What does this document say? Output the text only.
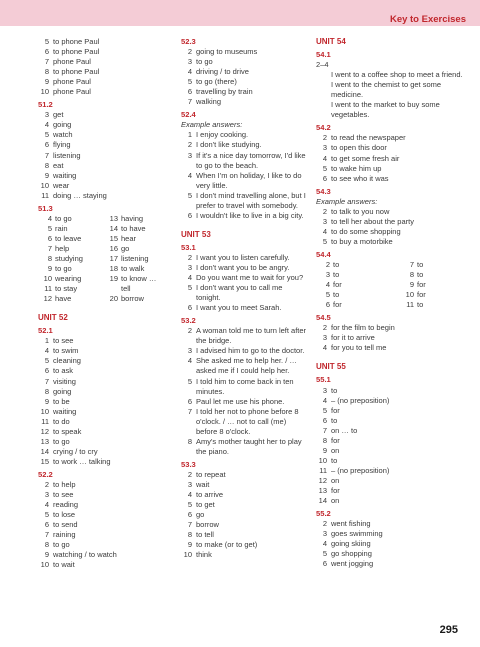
Key to Exercises
5 to phone Paul
6 to phone Paul
7 phone Paul
8 to phone Paul
9 phone Paul
10 phone Paul
51.2
3 get
4 going
5 watch
6 flying
7 listening
8 eat
9 waiting
10 wear
11 doing … staying
51.3
4 to go	13 having
5 rain	14 to have
6 to leave	15 hear
7 help	16 go
8 studying	17 listening
9 to go	18 to walk
10 wearing	19 to know …
11 to stay	tell
12 have	20 borrow
UNIT 52
52.1
1 to see
4 to swim
5 cleaning
6 to ask
7 visiting
8 going
9 to be
10 waiting
11 to do
12 to speak
13 to go
14 crying / to cry
15 to work … talking
52.2
2 to help
3 to see
4 reading
5 to lose
6 to send
7 raining
8 to go
9 watching / to watch
10 to wait
52.3
2 going to museums
3 to go
4 driving / to drive
5 to go (there)
6 travelling by train
7 walking
52.4
Example answers:
1 I enjoy cooking.
2 I don't like studying.
3 If it's a nice day tomorrow, I'd like to go to the beach.
4 When I'm on holiday, I like to do very little.
5 I don't mind travelling alone, but I prefer to travel with somebody.
6 I wouldn't like to live in a big city.
UNIT 53
53.1
2 I want you to listen carefully.
3 I don't want you to be angry.
4 Do you want me to wait for you?
5 I don't want you to call me tonight.
6 I want you to meet Sarah.
53.2
2 A woman told me to turn left after the bridge.
3 I advised him to go to the doctor.
4 She asked me to help her. / … asked me if I could help her.
5 I told him to come back in ten minutes.
6 Paul let me use his phone.
7 I told her not to phone before 8 o'clock. / … not to call (me) before 8 o'clock.
8 Amy's mother taught her to play the piano.
53.3
2 to repeat
3 wait
4 to arrive
5 to get
6 go
7 borrow
8 to tell
9 to make (or to get)
10 think
UNIT 54
54.1
2–4
I went to a coffee shop to meet a friend.
I went to the chemist to get some medicine.
I went to the market to buy some vegetables.
54.2
2 to read the newspaper
3 to open this door
4 to get some fresh air
5 to wake him up
6 to see who it was
54.3
Example answers:
2 to talk to you now
3 to tell her about the party
4 to do some shopping
5 to buy a motorbike
54.4
2 to	7 to
3 to	8 to
4 for	9 for
5 to	10 for
6 for	11 to
54.5
2 for the film to begin
3 for it to arrive
4 for you to tell me
UNIT 55
55.1
3 to
4 – (no preposition)
5 for
6 to
7 on … to
8 for
9 on
10 to
11 – (no preposition)
12 on
13 for
14 on
55.2
2 went fishing
3 goes swimming
4 going skiing
5 go shopping
6 went jogging
295
